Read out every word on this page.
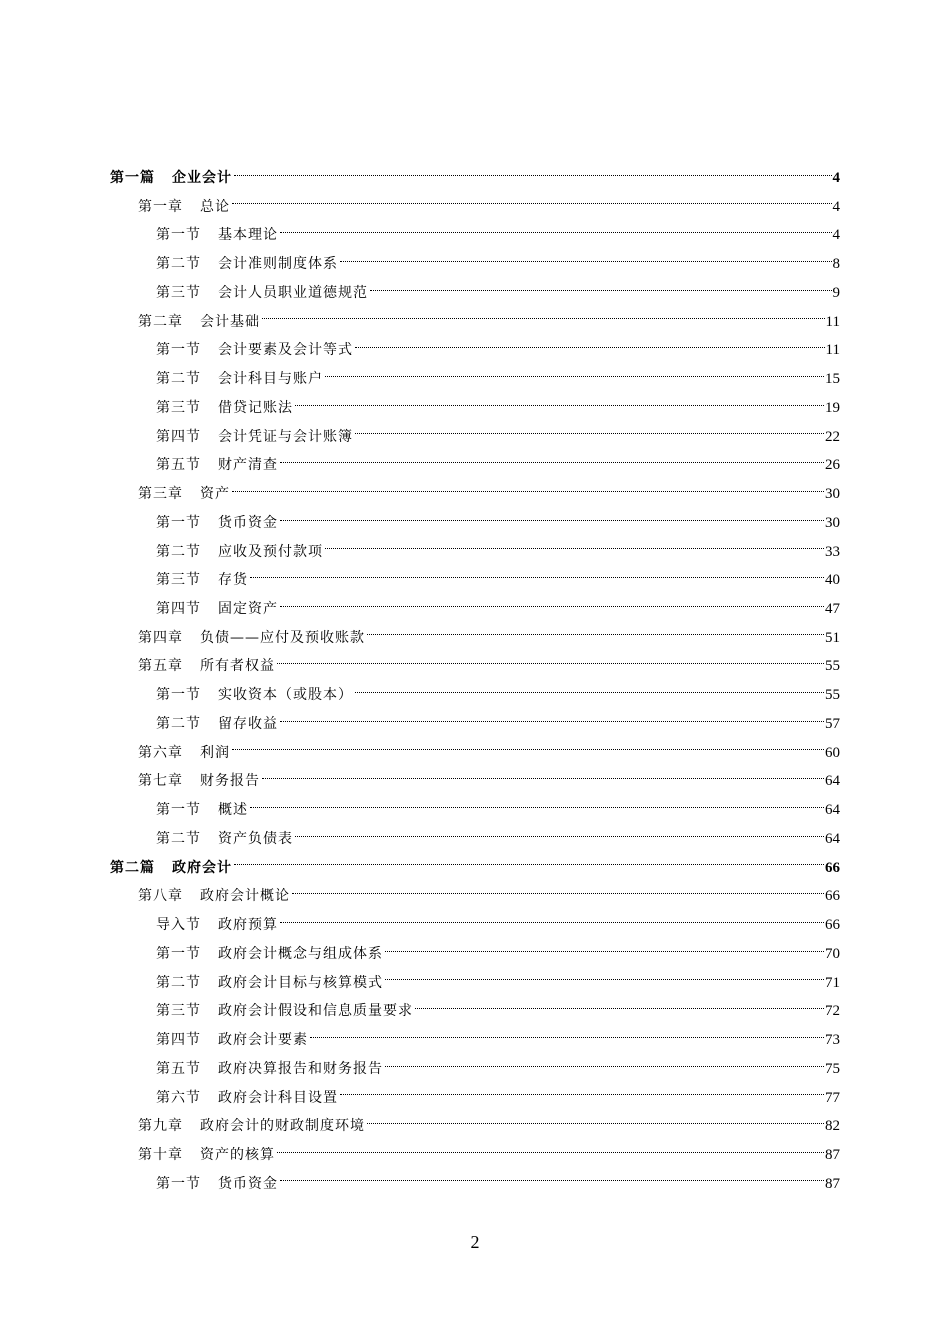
第一篇	企业会计	4
第一章	总论	4
第一节	基本理论	4
第二节	会计准则制度体系	8
第三节	会计人员职业道德规范	9
第二章	会计基础	11
第一节	会计要素及会计等式	11
第二节	会计科目与账户	15
第三节	借贷记账法	19
第四节	会计凭证与会计账簿	22
第五节	财产清查	26
第三章	资产	30
第一节	货币资金	30
第二节	应收及预付款项	33
第三节	存货	40
第四节	固定资产	47
第四章	负债——应付及预收账款	51
第五章	所有者权益	55
第一节	实收资本（或股本）	55
第二节	留存收益	57
第六章	利润	60
第七章	财务报告	64
第一节	概述	64
第二节	资产负债表	64
第二篇	政府会计	66
第八章	政府会计概论	66
导入节	政府预算	66
第一节	政府会计概念与组成体系	70
第二节	政府会计目标与核算模式	71
第三节	政府会计假设和信息质量要求	72
第四节	政府会计要素	73
第五节	政府决算报告和财务报告	75
第六节	政府会计科目设置	77
第九章	政府会计的财政制度环境	82
第十章	资产的核算	87
第一节	货币资金	87
2
